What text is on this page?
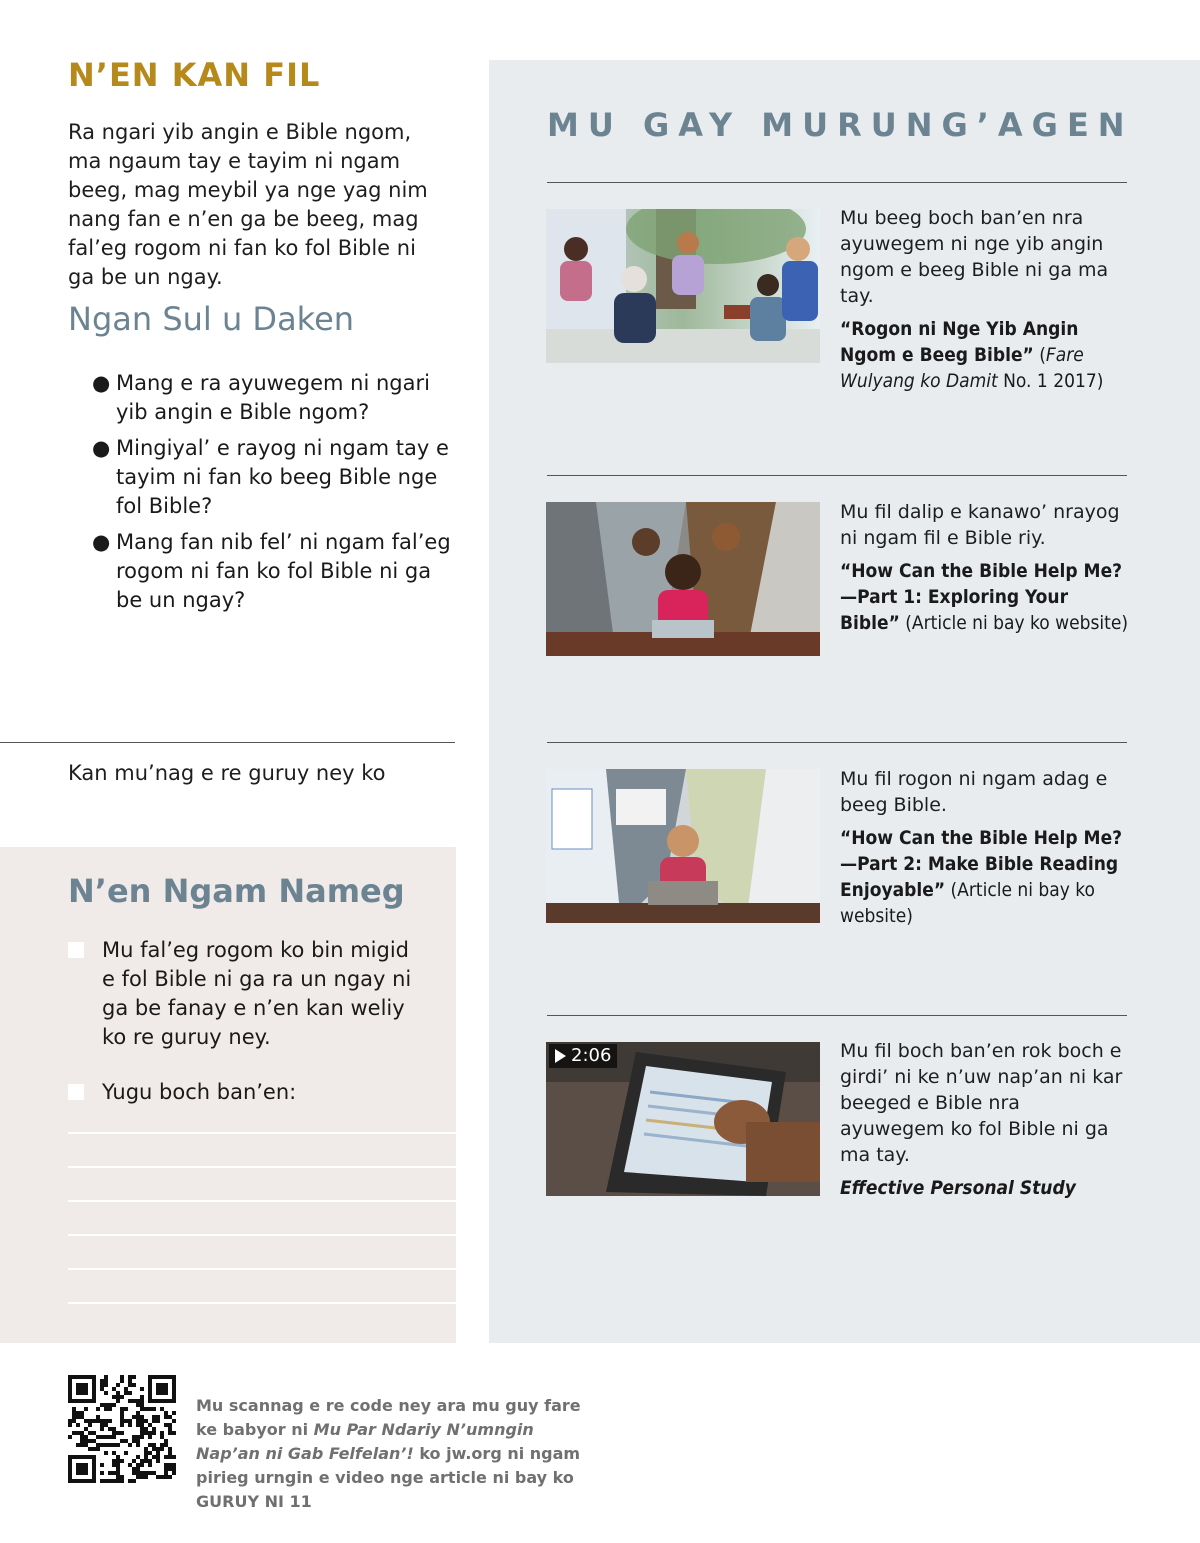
N’EN KAN FIL

Ra ngari yib angin e Bible ngom, ma ngaum tay e tayim ni ngam beeg, mag meybil ya nge yag nim nang fan e n’en ga be beeg, mag fal’eg rogom ni fan ko fol Bible ni ga be un ngay.

Ngan Sul u Daken
● Mang e ra ayuwegem ni ngari yib angin e Bible ngom?
● Mingiyal’ e rayog ni ngam tay e tayim ni fan ko beeg Bible nge fol Bible?
● Mang fan nib fel’ ni ngam fal’eg rogom ni fan ko fol Bible ni ga be un ngay?

Kan mu’nag e re guruy ney ko

N’en Ngam Nameg
Mu fal’eg rogom ko bin migid e fol Bible ni ga ra un ngay ni ga be fanay e n’en kan weliy ko re guruy ney.
Yugu boch ban’en:
MU GAY MURUNG’AGEN
Mu beeg boch ban’en nra ayuwegem ni nge yib angin ngom e beeg Bible ni ga ma tay.
“Rogon ni Nge Yib Angin Ngom e Beeg Bible” (Fare Wulyang ko Damit No. 1 2017)
Mu fil dalip e kanawo’ nrayog ni ngam fil e Bible riy.
“How Can the Bible Help Me? —Part 1: Exploring Your Bible” (Article ni bay ko website)
Mu fil rogon ni ngam adag e beeg Bible.
“How Can the Bible Help Me? —Part 2: Make Bible Reading Enjoyable” (Article ni bay ko website)
2:06	Mu fil boch ban’en rok boch e girdi’ ni ke n’uw nap’an ni kar beeged e Bible nra ayuwegem ko fol Bible ni ga ma tay.
Effective Personal Study

Mu scannag e re code ney ara mu guy fare ke babyor ni Mu Par Ndariy N’umngin Nap’an ni Gab Felfelan’! ko jw.org ni ngam pirieg urngin e video nge article ni bay ko GURUY NI 11
